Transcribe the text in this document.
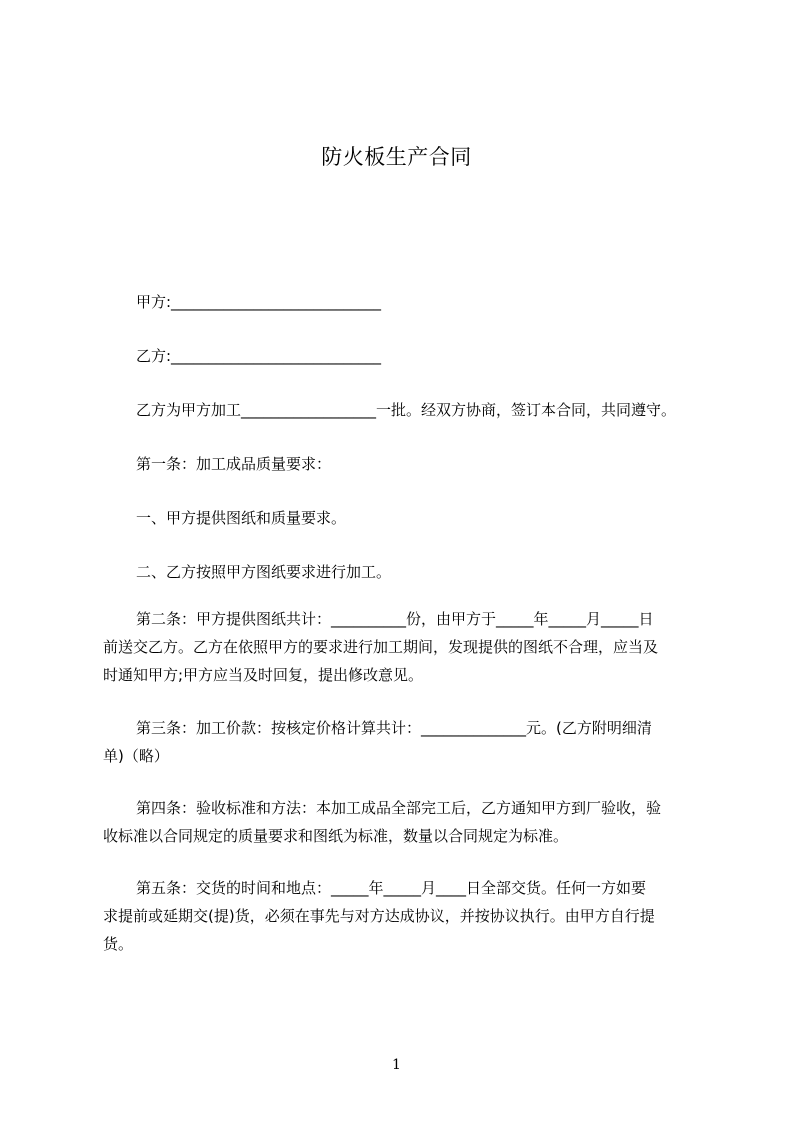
防火板生产合同
甲方:____________________________
乙方:____________________________
乙方为甲方加工__________________一批。经双方协商，签订本合同，共同遵守。
第一条：加工成品质量要求：
一、甲方提供图纸和质量要求。
二、乙方按照甲方图纸要求进行加工。
第二条：甲方提供图纸共计：__________份，由甲方于_____年_____月_____日
前送交乙方。乙方在依照甲方的要求进行加工期间，发现提供的图纸不合理，应当及
时通知甲方;甲方应当及时回复，提出修改意见。
第三条：加工价款：按核定价格计算共计：______________元。(乙方附明细清
单)（略）
第四条：验收标准和方法：本加工成品全部完工后，乙方通知甲方到厂验收，验
收标准以合同规定的质量要求和图纸为标准，数量以合同规定为标准。
第五条：交货的时间和地点：_____年_____月____日全部交货。任何一方如要
求提前或延期交(提)货，必须在事先与对方达成协议，并按协议执行。由甲方自行提
货。
1
